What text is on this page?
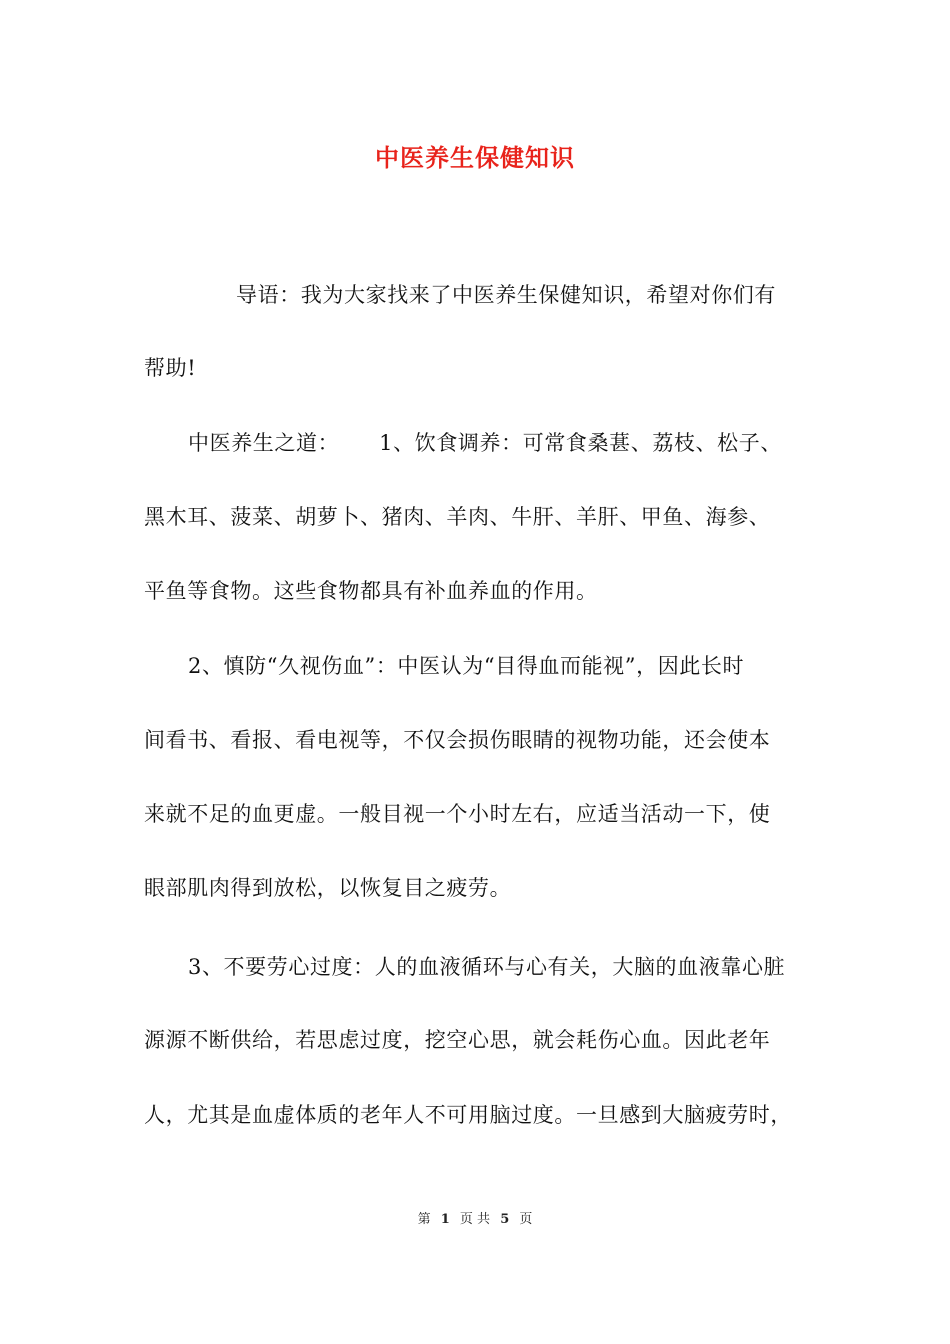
中医养生保健知识
导语：我为大家找来了中医养生保健知识，希望对你们有
帮助!
中医养生之道：　　 1、饮食调养：可常食桑葚、荔枝、松子、
黑木耳、菠菜、胡萝卜、猪肉、羊肉、牛肝、羊肝、甲鱼、海参、
平鱼等食物。这些食物都具有补血养血的作用。
2、慎防“久视伤血”：中医认为“目得血而能视”，因此长时
间看书、看报、看电视等，不仅会损伤眼睛的视物功能，还会使本
来就不足的血更虚。一般目视一个小时左右，应适当活动一下，使
眼部肌肉得到放松，以恢复目之疲劳。
3、不要劳心过度：人的血液循环与心有关，大脑的血液靠心脏
源源不断供给，若思虑过度，挖空心思，就会耗伤心血。因此老年
人，尤其是血虚体质的老年人不可用脑过度。一旦感到大脑疲劳时，
第 1 页 共 5 页
